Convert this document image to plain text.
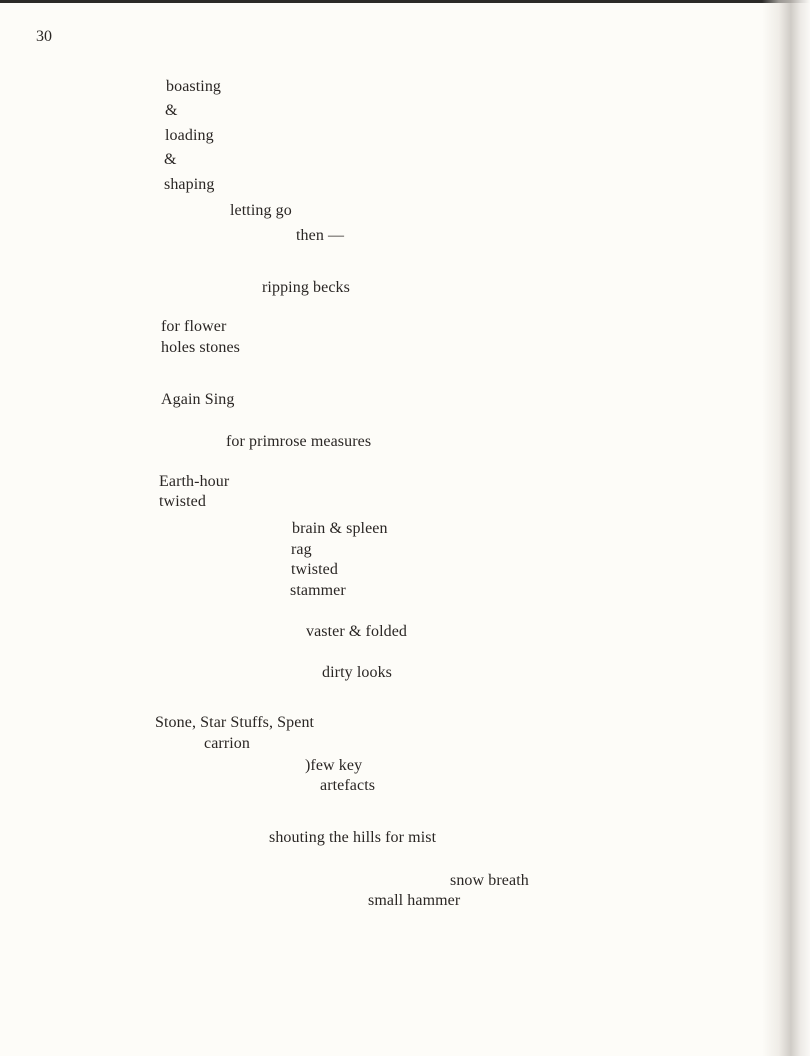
30
boasting
&
loading
&
shaping
letting go
then —
ripping becks
for flower
holes stones
Again Sing
for primrose measures
Earth-hour
twisted
brain & spleen
rag
twisted
stammer
vaster & folded
dirty looks
Stone, Star Stuffs, Spent
carrion
)few key
artefacts
shouting the hills for mist
snow breath
small hammer
